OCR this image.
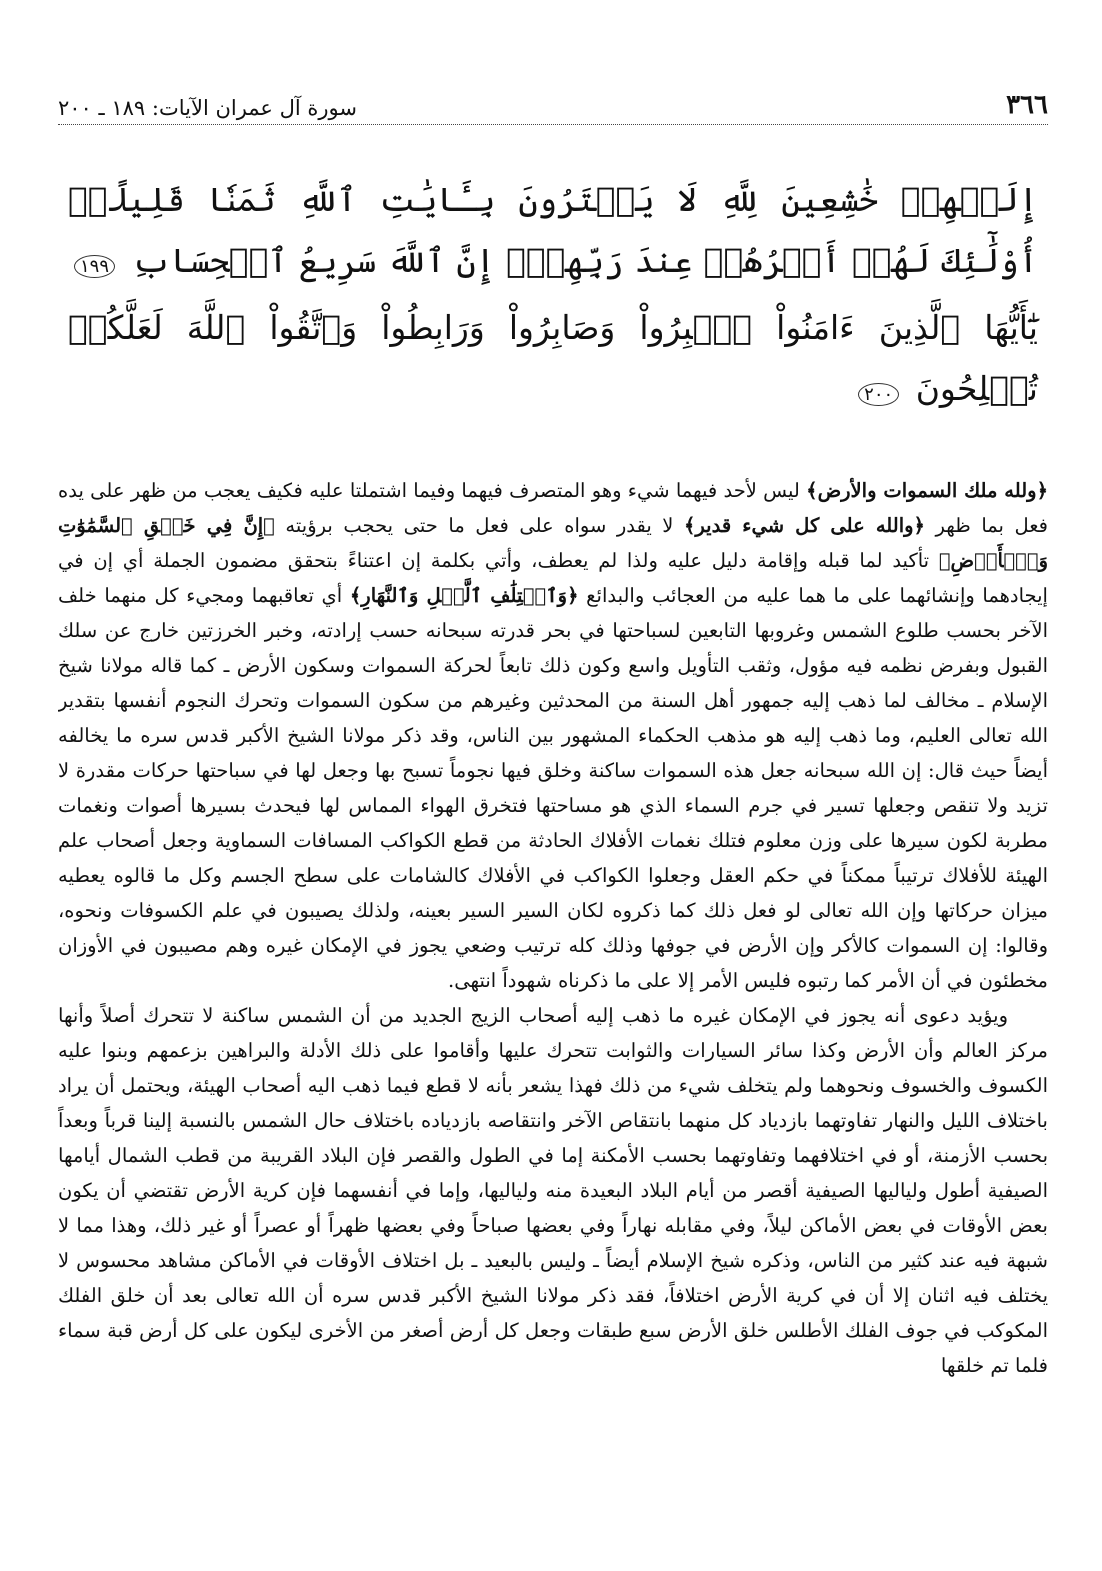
٣٦٦
سورة آل عمران الآيات: ١٨٩ ـ ٢٠٠
إِلَيۡهِمۡ خَٰشِعِينَ لِلَّهِ لَا يَشۡتَرُونَ بِـَٔايَٰتِ ٱللَّهِ ثَمَنٗا قَلِيلًاۚ أُوْلَٰٓئِكَ لَهُمۡ أَجۡرُهُمۡ عِندَ رَبِّهِمۡۗ إِنَّ ٱللَّهَ سَرِيعُ ٱلۡحِسَابِ ١٩٩ يَٰٓأَيُّهَا ٱلَّذِينَ ءَامَنُواْ ٱصۡبِرُواْ وَصَابِرُواْ وَرَابِطُواْ وَٱتَّقُواْ ٱللَّهَ لَعَلَّكُمۡ تُفۡلِحُونَ ٢٠٠

﴿ولله ملك السموات والأرض﴾ ليس لأحد فيهما شيء وهو المتصرف فيهما وفيما اشتملتا عليه فكيف يعجب من ظهر على يده فعل بما ظهر ﴿والله على كل شيء قدير﴾ لا يقدر سواه على فعل ما حتى يحجب برؤيته ﴿إِنَّ فِي خَلۡقِ ٱلسَّمَٰوَٰتِ وَٱلۡأَرۡضِ﴾ تأكيد لما قبله وإقامة دليل عليه ولذا لم يعطف، وأتي بكلمة إن اعتناءً بتحقق مضمون الجملة أي إن في إيجادهما وإنشائهما على ما هما عليه من العجائب والبدائع ﴿وَٱخۡتِلَٰفِ ٱلَّيۡلِ وَٱلنَّهَارِ﴾ أي تعاقبهما ومجيء كل منهما خلف الآخر بحسب طلوع الشمس وغروبها التابعين لسباحتها في بحر قدرته سبحانه حسب إرادته، وخبر الخرزتين خارج عن سلك القبول وبفرض نظمه فيه مؤول، وثقب التأويل واسع وكون ذلك تابعاً لحركة السموات وسكون الأرض ـ كما قاله مولانا شيخ الإسلام ـ مخالف لما ذهب إليه جمهور أهل السنة من المحدثين وغيرهم من سكون السموات وتحرك النجوم أنفسها بتقدير الله تعالى العليم، وما ذهب إليه هو مذهب الحكماء المشهور بين الناس، وقد ذكر مولانا الشيخ الأكبر قدس سره ما يخالفه أيضاً حيث قال: إن الله سبحانه جعل هذه السموات ساكنة وخلق فيها نجوماً تسبح بها وجعل لها في سباحتها حركات مقدرة لا تزيد ولا تنقص وجعلها تسير في جرم السماء الذي هو مساحتها فتخرق الهواء المماس لها فيحدث بسيرها أصوات ونغمات مطربة لكون سيرها على وزن معلوم فتلك نغمات الأفلاك الحادثة من قطع الكواكب المسافات السماوية وجعل أصحاب علم الهيئة للأفلاك ترتيباً ممكناً في حكم العقل وجعلوا الكواكب في الأفلاك كالشامات على سطح الجسم وكل ما قالوه يعطيه ميزان حركاتها وإن الله تعالى لو فعل ذلك كما ذكروه لكان السير السير بعينه، ولذلك يصيبون في علم الكسوفات ونحوه، وقالوا: إن السموات كالأكر وإن الأرض في جوفها وذلك كله ترتيب وضعي يجوز في الإمكان غيره وهم مصيبون في الأوزان مخطئون في أن الأمر كما رتبوه فليس الأمر إلا على ما ذكرناه شهوداً انتهى.

ويؤيد دعوى أنه يجوز في الإمكان غيره ما ذهب إليه أصحاب الزيج الجديد من أن الشمس ساكنة لا تتحرك أصلاً وأنها مركز العالم وأن الأرض وكذا سائر السيارات والثوابت تتحرك عليها وأقاموا على ذلك الأدلة والبراهين بزعمهم وبنوا عليه الكسوف والخسوف ونحوهما ولم يتخلف شيء من ذلك فهذا يشعر بأنه لا قطع فيما ذهب اليه أصحاب الهيئة، ويحتمل أن يراد باختلاف الليل والنهار تفاوتهما بازدياد كل منهما بانتقاص الآخر وانتقاصه بازدياده باختلاف حال الشمس بالنسبة إلينا قرباً وبعداً بحسب الأزمنة، أو في اختلافهما وتفاوتهما بحسب الأمكنة إما في الطول والقصر فإن البلاد القريبة من قطب الشمال أيامها الصيفية أطول ولياليها الصيفية أقصر من أيام البلاد البعيدة منه ولياليها، وإما في أنفسهما فإن كرية الأرض تقتضي أن يكون بعض الأوقات في بعض الأماكن ليلاً، وفي مقابله نهاراً وفي بعضها صباحاً وفي بعضها ظهراً أو عصراً أو غير ذلك، وهذا مما لا شبهة فيه عند كثير من الناس، وذكره شيخ الإسلام أيضاً ـ وليس بالبعيد ـ بل اختلاف الأوقات في الأماكن مشاهد محسوس لا يختلف فيه اثنان إلا أن في كرية الأرض اختلافاً، فقد ذكر مولانا الشيخ الأكبر قدس سره أن الله تعالى بعد أن خلق الفلك المكوكب في جوف الفلك الأطلس خلق الأرض سبع طبقات وجعل كل أرض أصغر من الأخرى ليكون على كل أرض قبة سماء فلما تم خلقها
